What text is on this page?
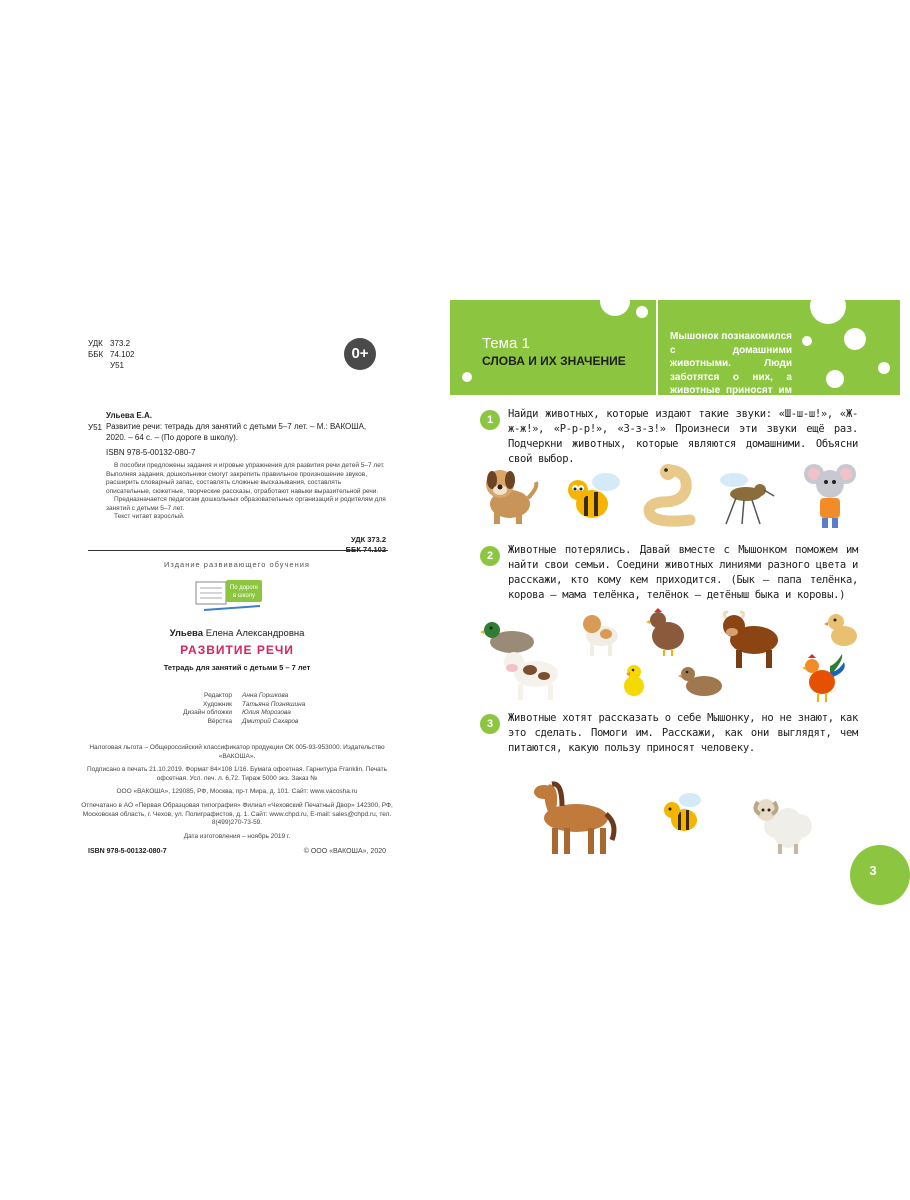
УДК 373.2
ББК 74.102
У51
0+
Ульева Е.А.

У51 Развитие речи: тетрадь для занятий с детьми 5–7 лет. – М.: ВАКОША, 2020. – 64 с. – (По дороге в школу).
ISBN 978-5-00132-080-7

В пособии предложены задания и игровые упражнения для развития речи детей 5–7 лет. Выполняя задания, дошкольники смогут закрепить правильное произношение звуков, расширить словарный запас, составлять сложные высказывания, составлять описательные, сюжетные, творческие рассказы, отработают навыки выразительной речи.

Предназначается педагогам дошкольных образовательных организаций и родителям для занятий с детьми 5–7 лет.

Текст читает взрослый.

УДК 373.2
Издание развивающего обучения
По дороге
в школу
Ульева Елена Александровна
РАЗВИТИЕ РЕЧИ
Тетрадь для занятий с детьми 5 – 7 лет
Редактор Анна Горшкова
Художник Татьяна Позняшина
Дизайн обложки Юлия Морозова
Вёрстка Дмитрий Сахаров

Налоговая льгота – Общероссийский классификатор продукции ОК 005-93-953000. Издательство «ВАКОША».

Подписано в печать 21.10.2019. Формат 84×108 1/16. Бумага офсетная. Гарнитура Franklin. Печать офсетная. Усл. печ. л. 6,72. Тираж 5000 экз. Заказ №

ООО «ВАКОША», 129085, РФ, Москва, пр-т Мира, д. 101. Сайт: www.vacosha.ru

Отпечатано в АО «Первая Образцовая типография» Филиал «Чеховский Печатный Двор» 142300, РФ, Московская область, г. Чехов, ул. Полиграфистов, д. 1. Сайт: www.chpd.ru, E-mail: sales@chpd.ru, тел. 8(499)270-73-59.

Дата изготовления – ноябрь 2019 г.

ISBN 978-5-00132-080-7	© ООО «ВАКОША», 2020
Тема 1
СЛОВА И ИХ ЗНАЧЕНИЕ
Мышонок познакомился с домашними животными. Люди заботятся о них, а животные приносят им пользу.
1	Найди животных, которые издают такие звуки: «Ш-ш-ш!», «Ж-ж-ж!», «Р-р-р!», «З-з-з!» Произнеси эти звуки ещё раз. Подчеркни животных, которые являются домашними. Объясни свой выбор.
2	Животные потерялись. Давай вместе с Мышонком поможем им найти свои семьи. Соедини животных линиями разного цвета и расскажи, кто кому кем приходится. (Бык – папа телёнка, корова – мама телёнка, телёнок – детёныш быка и коровы.)
3	Животные хотят рассказать о себе Мышонку, но не знают, как это сделать. Помоги им. Расскажи, как они выглядят, чем питаются, какую пользу приносят человеку.
3
